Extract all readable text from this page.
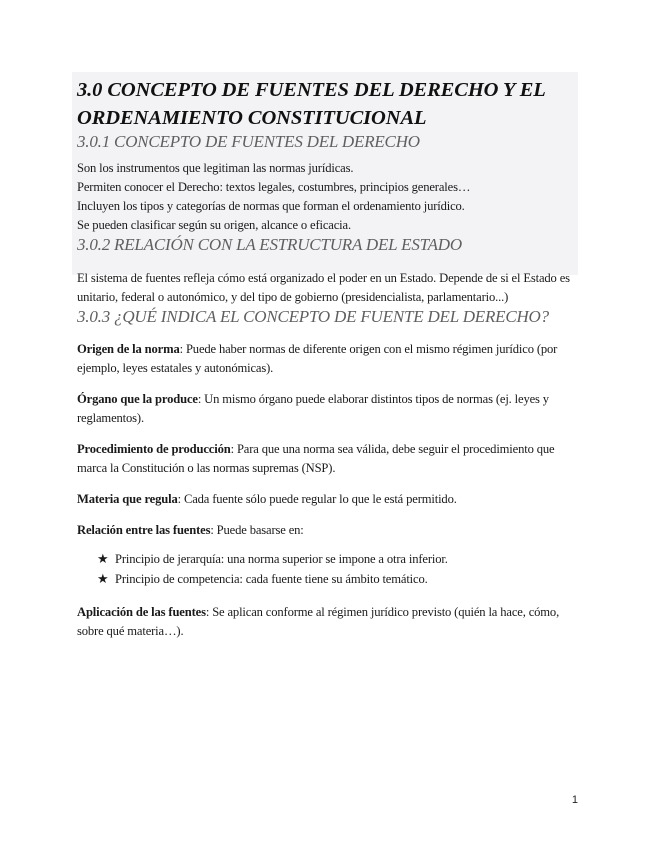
3.0 CONCEPTO DE FUENTES DEL DERECHO Y EL ORDENAMIENTO CONSTITUCIONAL
3.0.1 CONCEPTO DE FUENTES DEL DERECHO
Son los instrumentos que legitiman las normas jurídicas.
Permiten conocer el Derecho: textos legales, costumbres, principios generales…
Incluyen los tipos y categorías de normas que forman el ordenamiento jurídico.
Se pueden clasificar según su origen, alcance o eficacia.
3.0.2 RELACIÓN CON LA ESTRUCTURA DEL ESTADO

El sistema de fuentes refleja cómo está organizado el poder en un Estado. Depende de si el Estado es unitario, federal o autonómico, y del tipo de gobierno (presidencialista, parlamentario...)

3.0.3 ¿QUÉ INDICA EL CONCEPTO DE FUENTE DEL DERECHO?

Origen de la norma: Puede haber normas de diferente origen con el mismo régimen jurídico (por ejemplo, leyes estatales y autonómicas).

Órgano que la produce: Un mismo órgano puede elaborar distintos tipos de normas (ej. leyes y reglamentos).

Procedimiento de producción: Para que una norma sea válida, debe seguir el procedimiento que marca la Constitución o las normas supremas (NSP).

Materia que regula: Cada fuente sólo puede regular lo que le está permitido.

Relación entre las fuentes: Puede basarse en:

★ Principio de jerarquía: una norma superior se impone a otra inferior.
★ Principio de competencia: cada fuente tiene su ámbito temático.

Aplicación de las fuentes: Se aplican conforme al régimen jurídico previsto (quién la hace, cómo, sobre qué materia…).

1
